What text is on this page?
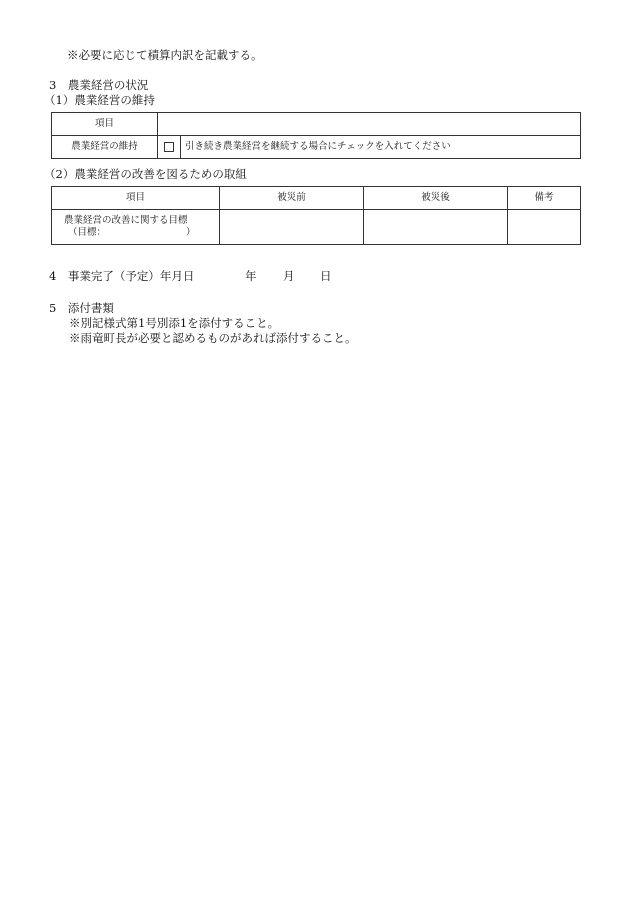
※必要に応じて積算内訳を記載する。
3　農業経営の状況
（1）農業経営の維持
項目		
農業経営の維持		引き続き農業経営を継続する場合にチェックを入れてください
（2）農業経営の改善を図るための取組
項目	被災前	被災後	備考

農業経営の改善に関する目標
（目標： ）			

4　事業完了（予定）年月日	年 月 日
5　添付書類
※別記様式第1号別添1を添付すること。
※雨竜町長が必要と認めるものがあれば添付すること。
